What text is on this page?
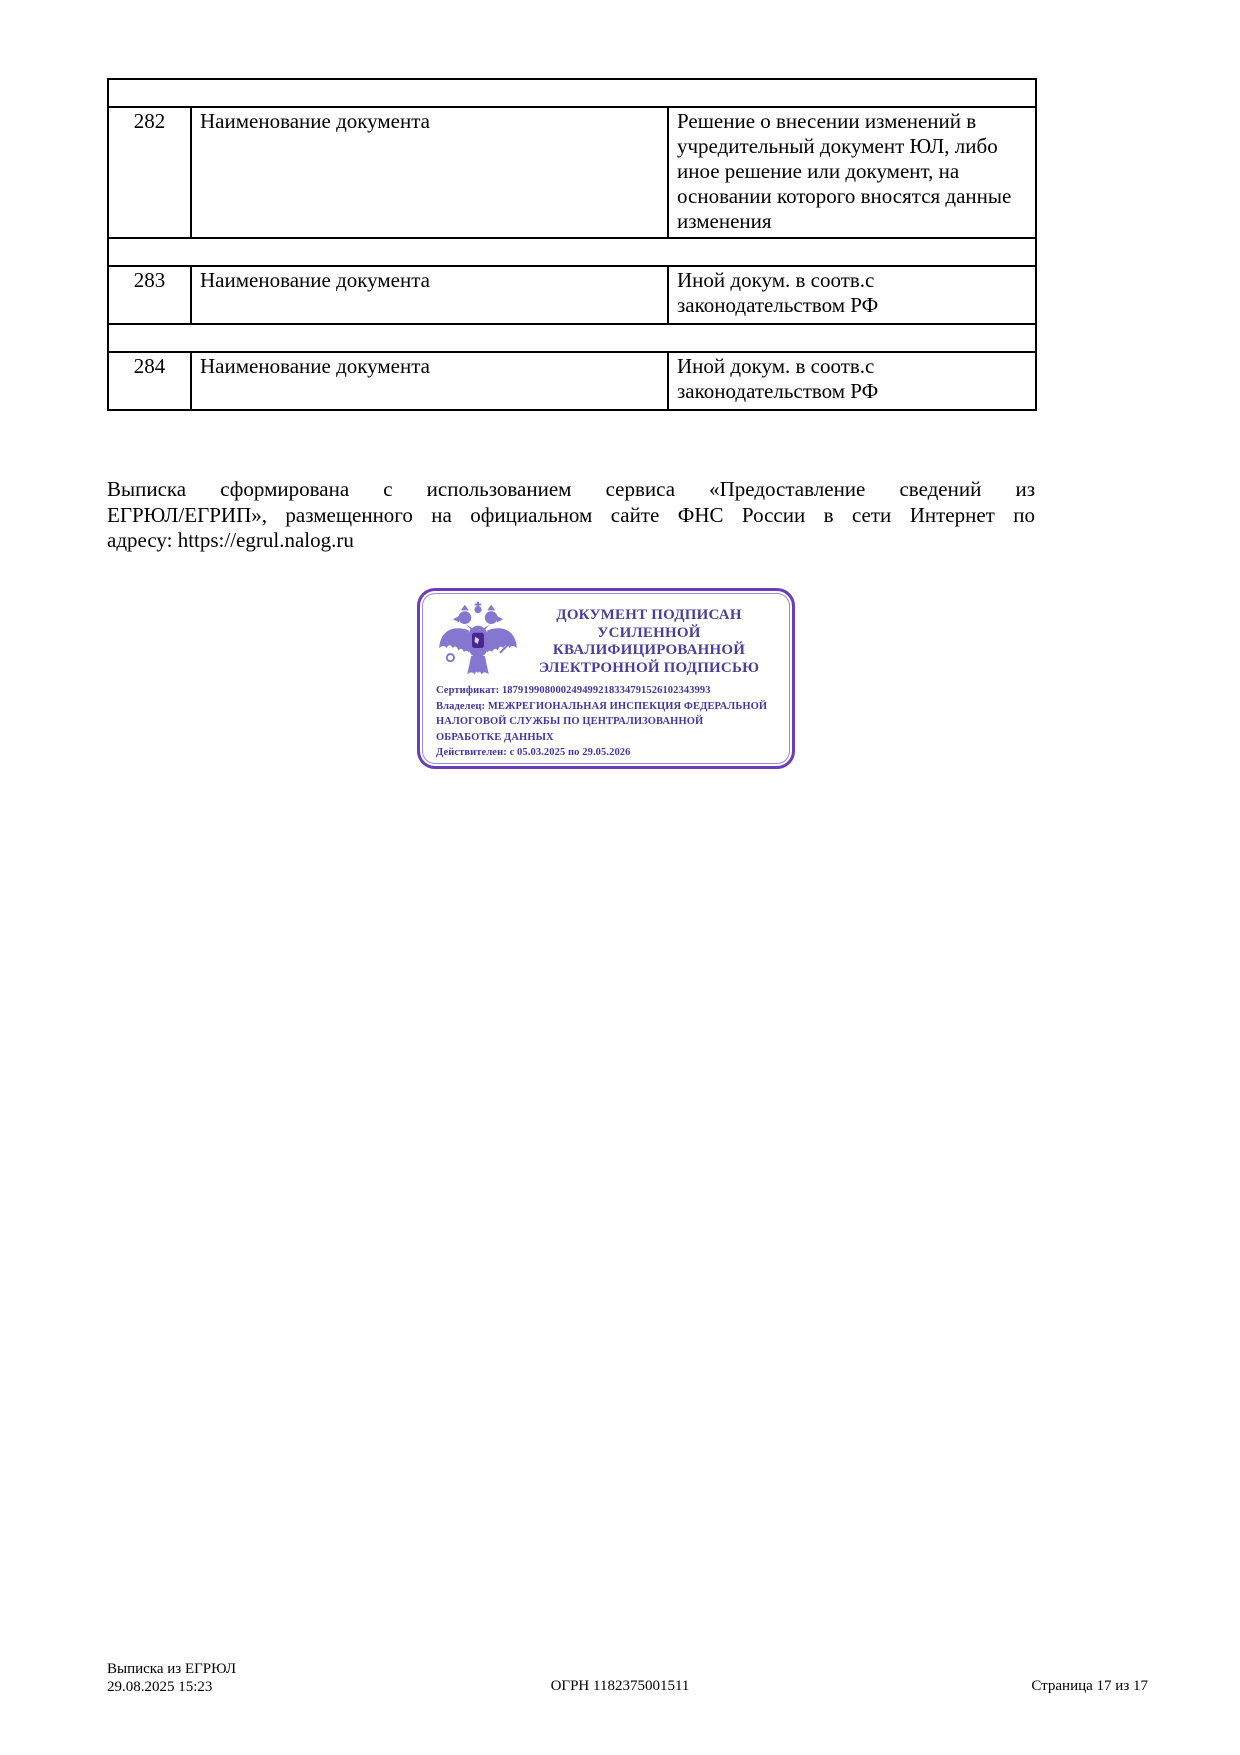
282	Наименование документа	Решение о внесении изменений в учредительный документ ЮЛ, либо иное решение или документ, на основании которого вносятся данные изменения

283	Наименование документа	Иной докум. в соотв.с законодательством РФ

284	Наименование документа	Иной докум. в соотв.с законодательством РФ
Выписка сформирована с использованием сервиса «Предоставление сведений из
ЕГРЮЛ/ЕГРИП», размещенного на официальном сайте ФНС России в сети Интернет по
адресу: https://egrul.nalog.ru
ДОКУМЕНТ ПОДПИСАН
УСИЛЕННОЙ КВАЛИФИЦИРОВАННОЙ
ЭЛЕКТРОННОЙ ПОДПИСЬЮ
Сертификат: 187919908000249499218334791526102343993
Владелец: МЕЖРЕГИОНАЛЬНАЯ ИНСПЕКЦИЯ ФЕДЕРАЛЬНОЙ НАЛОГОВОЙ СЛУЖБЫ ПО ЦЕНТРАЛИЗОВАННОЙ ОБРАБОТКЕ ДАННЫХ
Действителен: с 05.03.2025 по 29.05.2026
Выписка из ЕГРЮЛ
29.08.2025 15:23	ОГРН 1182375001511	Страница 17 из 17
